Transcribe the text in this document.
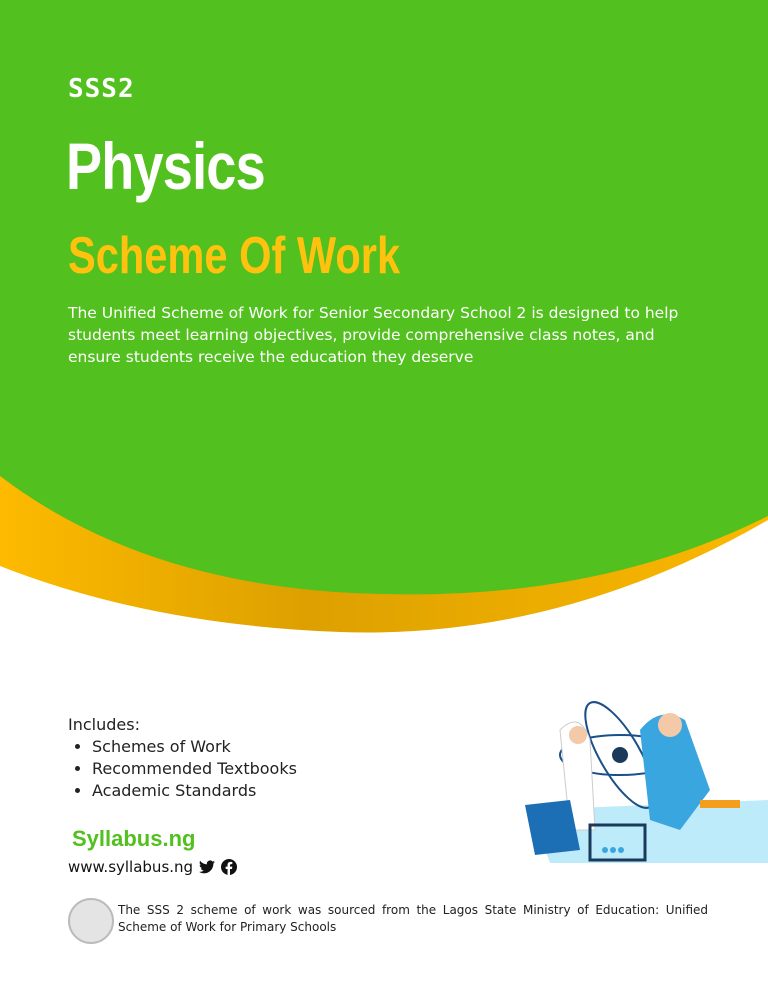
SSS2
Physics
Scheme Of Work
The Unified Scheme of Work for Senior Secondary School 2 is designed to help students meet learning objectives, provide comprehensive class notes, and ensure students receive the education they deserve
Includes:
• Schemes of Work
• Recommended Textbooks
• Academic Standards
Syllabus.ng
www.syllabus.ng
The SSS 2 scheme of work was sourced from the Lagos State Ministry of Education: Unified Scheme of Work for Primary Schools
